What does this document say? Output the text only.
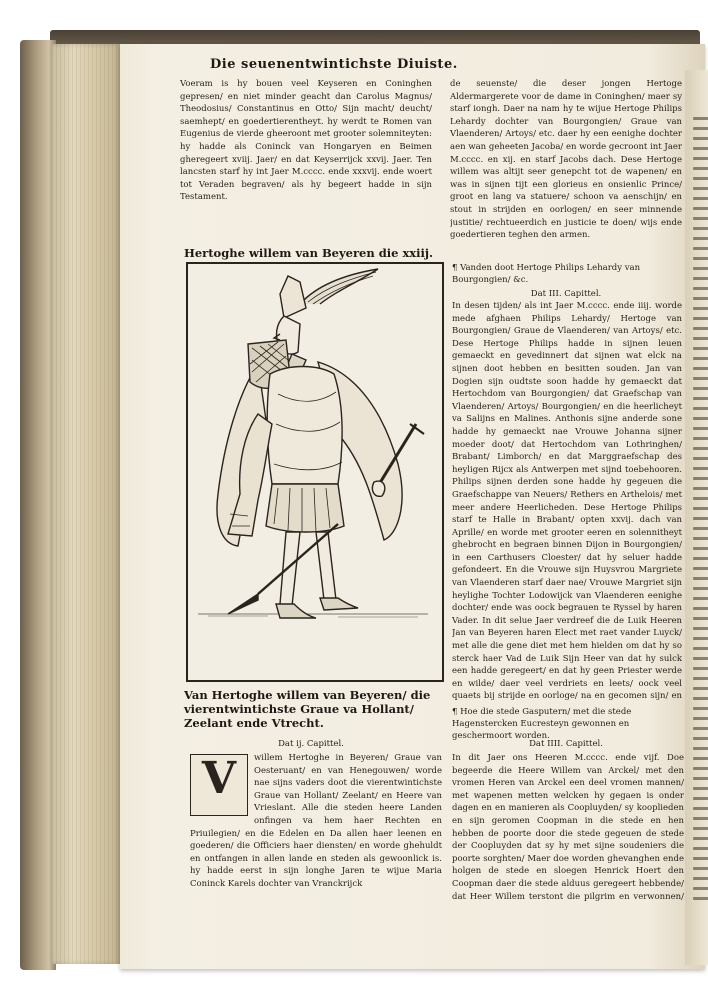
Die seuenentwintichste Diuiste.

Voeram is hy bouen veel Keyseren en Coninghen gepresen/ en niet minder geacht dan Carolus Magnus/ Theodosius/ Constantinus en Otto/ Sijn macht/ deucht/ saemhept/ en goedertierentheyt. hy werdt te Romen van Eugenius de vierde gheeroont met grooter solemniteyten: hy hadde als Coninck van Hongaryen en Beimen gheregeert xviij. Jaer/ en dat Keyserrijck xxvij. Jaer. Ten lancsten starf hy int Jaer M.cccc. ende xxxvij. ende woert tot Veraden begraven/ als hy begeert hadde in sijn Testament.

Hertoghe willem van Beyeren die xxiij.
Van Hertoghe willem van Beyeren/ die vierentwintichste Graue va Hollant/ Zeelant ende Vtrecht.
Dat ij. Capittel.
V	willem Hertoghe in Beyeren/ Graue van Oesteruant/ en van Henegouwen/ worde nae sijns vaders doot die vierentwintichste Graue van Hollant/ Zeelant/ en Heere van Vrieslant. Alle die steden heere Landen onfingen va hem haer Rechten en Priuilegien/ en die Edelen en Da allen haer leenen en goederen/ die Officiers haer diensten/ en worde ghehuldt en ontfangen in allen lande en steden als gewoonlick is. hy hadde eerst in sijn longhe Jaren te wijue Maria Coninck Karels dochter van Vranckrijck

de seuenste/ die deser jongen Hertoge Aldermargerete voor de dame in Coninghen/ maer sy starf iongh. Daer na nam hy te wijue Hertoge Philips Lehardy dochter van Bourgongien/ Graue van Vlaenderen/ Artoys/ etc. daer hy een eenighe dochter aen wan geheeten Jacoba/ en worde gecroont int Jaer M.cccc. en xij. en starf Jacobs dach. Dese Hertoge willem was altijt seer genepcht tot de wapenen/ en was in sijnen tijt een glorieus en onsienlic Prince/ groot en lang va statuere/ schoon va aenschijn/ en stout in strijden en oorlogen/ en seer minnende justitie/ rechtueerdich en justicie te doen/ wijs ende goedertieren teghen den armen.

¶ Vanden doot Hertoge Philips Lehardy van Bourgongien/ &c.
Dat III. Capittel.

In desen tijden/ als int Jaer M.cccc. ende iiij. worde mede afghaen Philips Lehardy/ Hertoge van Bourgongien/ Graue de Vlaenderen/ van Artoys/ etc. Dese Hertoge Philips hadde in sijnen leuen gemaeckt en gevedinnert dat sijnen wat elck na sijnen doot hebben en besitten souden. Jan van Dogien sijn oudtste soon hadde hy gemaeckt dat Hertochdom van Bourgongien/ dat Graefschap van Vlaenderen/ Artoys/ Bourgongien/ en die heerlicheyt va Salijns en Malines. Anthonis sijne anderde sone hadde hy gemaeckt nae Vrouwe Johanna sijner moeder doot/ dat Hertochdom van Lothringhen/ Brabant/ Limborch/ en dat Marggraefschap des heyligen Rijcx als Antwerpen met sijnd toebehooren. Philips sijnen derden sone hadde hy gegeuen die Graefschappe van Neuers/ Rethers en Arthelois/ met meer andere Heerlicheden. Dese Hertoge Philips starf te Halle in Brabant/ opten xxvij. dach van Aprille/ en worde met grooter eeren en solennitheyt ghebrocht en begraen binnen Dijon in Bourgongien/ in een Carthusers Cloester/ dat hy seluer hadde gefondeert. En die Vrouwe sijn Huysvrou Margriete van Vlaenderen starf daer nae/ Vrouwe Margriet sijn heylighe Tochter Lodowijck van Vlaenderen eenighe dochter/ ende was oock begrauen te Ryssel by haren Vader. In dit selue Jaer verdreef die de Luik Heeren Jan van Beyeren haren Elect met raet vander Luyck/ met alle die gene diet met hem hielden om dat hy so sterck haer Vad de Luik Sijn Heer van dat hy sulck een hadde geregeert/ en dat hy geen Priester werde en wilde/ daer veel verdriets en leets/ oock veel quaets bij strijde en oorloge/ na en gecomen sijn/ en

¶ Hoe die stede Gasputern/ met die stede Hagenstercken Eucresteyn gewonnen en geschermoort worden.
Dat IIII. Capittel.

In dit Jaer ons Heeren M.cccc. ende vijf. Doe begeerde die Heere Willem van Arckel/ met den vromen Heren van Arckel een deel vromen mannen/ met wapenen metten welcken hy gegaen is onder dagen en en manieren als Coopluyden/ sy kooplieden en sijn geromen Coopman in die stede en hen hebben de poorte door die stede gegeuen de stede der Coopluyden dat sy hy met sijne soudeniers die poorte sorghten/ Maer doe worden ghevanghen ende holgen de stede en sloegen Henrick Hoert den Coopman daer die stede alduus geregeert hebbende/ dat Heer Willem terstont die pilgrim en verwonnen/
